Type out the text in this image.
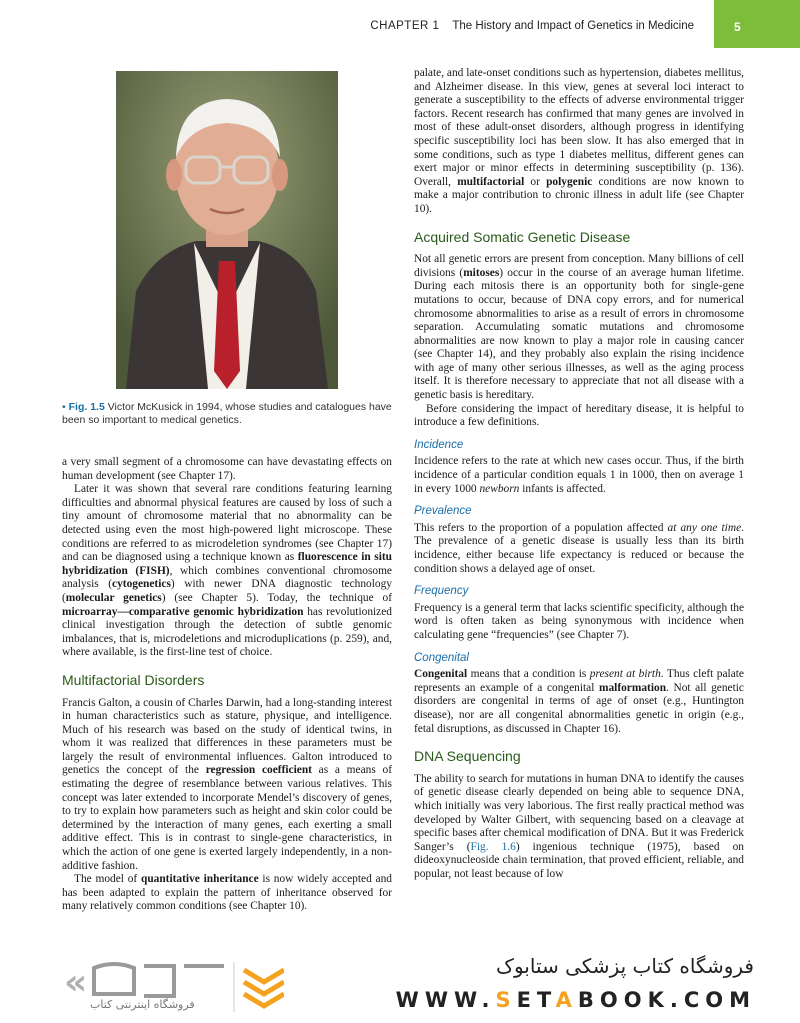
CHAPTER 1 The History and Impact of Genetics in Medicine	5
• Fig. 1.5 Victor McKusick in 1994, whose studies and catalogues have been so important to medical genetics.

a very small segment of a chromosome can have devastating effects on human development (see Chapter 17).

Later it was shown that several rare conditions featuring learning difficulties and abnormal physical features are caused by loss of such a tiny amount of chromosome material that no abnormality can be detected using even the most high-powered light microscope. These conditions are referred to as microdeletion syndromes (see Chapter 17) and can be diagnosed using a technique known as fluorescence in situ hybridization (FISH), which combines conventional chromosome analysis (cytogenetics) with newer DNA diagnostic technology (molecular genetics) (see Chapter 5). Today, the technique of microarray—comparative genomic hybridization has revolutionized clinical investigation through the detection of subtle genomic imbalances, that is, microdeletions and microduplications (p. 259), and, where available, is the first-line test of choice.

Multifactorial Disorders

Francis Galton, a cousin of Charles Darwin, had a long-standing interest in human characteristics such as stature, physique, and intelligence. Much of his research was based on the study of identical twins, in whom it was realized that differences in these parameters must be largely the result of environmental influences. Galton introduced to genetics the concept of the regression coefficient as a means of estimating the degree of resemblance between various relatives. This concept was later extended to incorporate Mendel’s discovery of genes, to try to explain how parameters such as height and skin color could be determined by the interaction of many genes, each exerting a small additive effect. This is in contrast to single-gene characteristics, in which the action of one gene is exerted largely independently, in a non-additive fashion.

The model of quantitative inheritance is now widely accepted and has been adapted to explain the pattern of inheritance observed for many relatively common conditions (see Chapter 10).

palate, and late-onset conditions such as hypertension, diabetes mellitus, and Alzheimer disease. In this view, genes at several loci interact to generate a susceptibility to the effects of adverse environmental trigger factors. Recent research has confirmed that many genes are involved in most of these adult-onset disorders, although progress in identifying specific susceptibility loci has been slow. It has also emerged that in some conditions, such as type 1 diabetes mellitus, different genes can exert major or minor effects in determining susceptibility (p. 136). Overall, multifactorial or polygenic conditions are now known to make a major contribution to chronic illness in adult life (see Chapter 10).

Acquired Somatic Genetic Disease

Not all genetic errors are present from conception. Many billions of cell divisions (mitoses) occur in the course of an average human lifetime. During each mitosis there is an opportunity both for single-gene mutations to occur, because of DNA copy errors, and for numerical chromosome abnormalities to arise as a result of errors in chromosome separation. Accumulating somatic mutations and chromosome abnormalities are now known to play a major role in causing cancer (see Chapter 14), and they probably also explain the rising incidence with age of many other serious illnesses, as well as the aging process itself. It is therefore necessary to appreciate that not all disease with a genetic basis is hereditary.

Before considering the impact of hereditary disease, it is helpful to introduce a few definitions.

Incidence

Incidence refers to the rate at which new cases occur. Thus, if the birth incidence of a particular condition equals 1 in 1000, then on average 1 in every 1000 newborn infants is affected.

Prevalence

This refers to the proportion of a population affected at any one time. The prevalence of a genetic disease is usually less than its birth incidence, either because life expectancy is reduced or because the condition shows a delayed age of onset.

Frequency

Frequency is a general term that lacks scientific specificity, although the word is often taken as being synonymous with incidence when calculating gene “frequencies” (see Chapter 7).

Congenital

Congenital means that a condition is present at birth. Thus cleft palate represents an example of a congenital malformation. Not all genetic disorders are congenital in terms of age of onset (e.g., Huntington disease), nor are all congenital abnormalities genetic in origin (e.g., fetal disruptions, as discussed in Chapter 16).

DNA Sequencing

The ability to search for mutations in human DNA to identify the causes of genetic disease clearly depended on being able to sequence DNA, which initially was very laborious. The first really practical method was developed by Walter Gilbert, with sequencing based on a cleavage at specific bases after chemical modification of DNA. But it was Frederick Sanger’s (Fig. 1.6) ingenious technique (1975), based on dideoxynucleoside chain termination, that proved efficient, reliable, and popular, not least because of low

«
فروشگاه اینترنتی کتاب
فروشگاه کتاب پزشکی ستابوک
WWW.SETABOOK.COM
